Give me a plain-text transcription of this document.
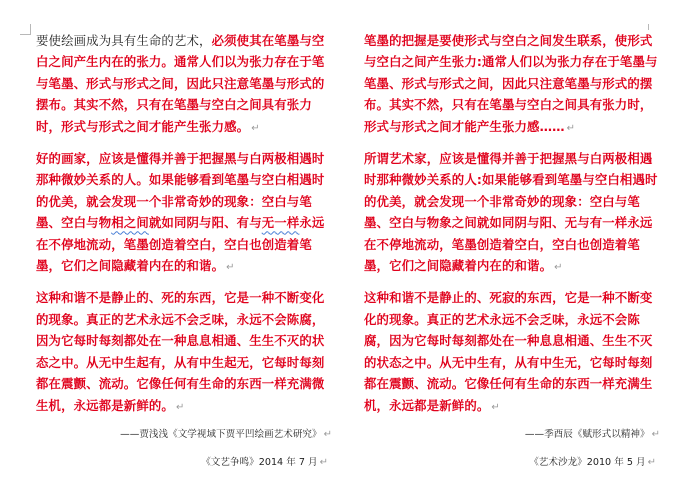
要使绘画成为具有生命的艺术，必须使其在笔墨与空白之间产生内在的张力。通常人们以为张力存在于笔与笔墨、形式与形式之间，因此只注意笔墨与形式的摆布。其实不然，只有在笔墨与空白之间具有张力时，形式与形式之间才能产生张力感。 ↵

好的画家，应该是懂得并善于把握黑与白两极相遇时那种微妙关系的人。如果能够看到笔墨与空白相遇时的优美，就会发现一个非常奇妙的现象：空白与笔墨、空白与物相之间就如同阴与阳、有与无一样永远在不停地流动，笔墨创造着空白，空白也创造着笔墨，它们之间隐藏着内在的和谐。 ↵

这种和谐不是静止的、死的东西，它是一种不断变化的现象。真正的艺术永远不会乏味，永远不会陈腐，因为它每时每刻都处在一种息息相通、生生不灭的状态之中。从无中生起有，从有中生起无，它每时每刻都在震颤、流动。它像任何有生命的东西一样充满微生机，永远都是新鲜的。 ↵

——贾浅浅《文学视域下贾平凹绘画艺术研究》 ↵

《文艺争鸣》2014 年 7 月 ↵

笔墨的把握是要使形式与空白之间发生联系，使形式与空白之间产生张力:通常人们以为张力存在于笔墨与笔墨、形式与形式之间，因此只注意笔墨与形式的摆布。其实不然，只有在笔墨与空白之间具有张力时，形式与形式之间才能产生张力感…… ↵

所谓艺术家，应该是懂得并善于把握黑与白两极相遇时那种微妙关系的人:如果能够看到笔墨与空白相遇时的优美，就会发现一个非常奇妙的现象：空白与笔墨、空白与物象之间就如同阴与阳、无与有一样永远在不停地流动，笔墨创造着空白，空白也创造着笔墨，它们之间隐藏着内在的和谐。 ↵

这种和谐不是静止的、死寂的东西，它是一种不断变化的现象。真正的艺术永远不会乏味，永远不会陈腐，因为它每时每刻都处在一种息息相通、生生不灭的状态之中。从无中生有，从有中生无，它每时每刻都在震颤、流动。它像任何有生命的东西一样充满生机，永远都是新鲜的。 ↵

——季酉辰《赋形式以精神》 ↵

《艺术沙龙》2010 年 5 月 ↵
